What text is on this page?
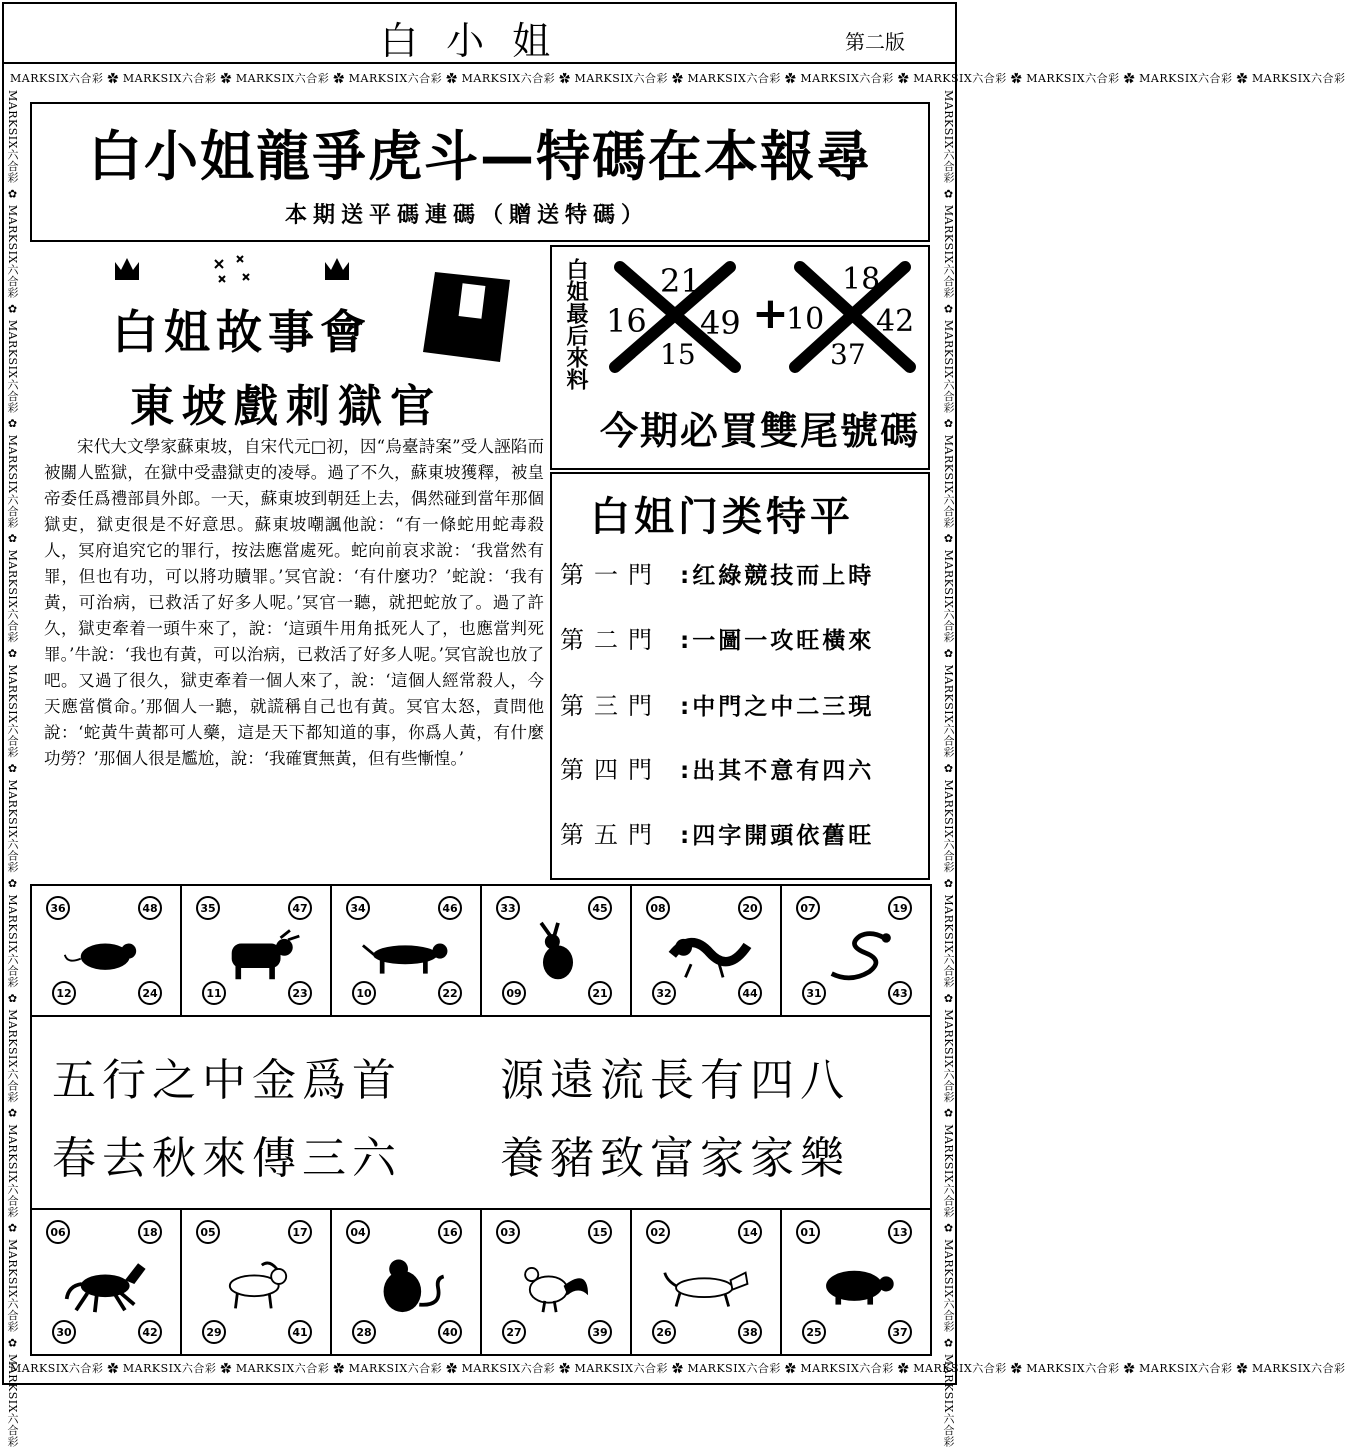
白 小 姐	第二版
MARKSIX六合彩 ✿ MARKSIX六合彩 ✿ MARKSIX六合彩 ✿ MARKSIX六合彩 ✿ MARKSIX六合彩 ✿ MARKSIX六合彩 ✿ MARKSIX六合彩 ✿ MARKSIX六合彩 ✿ MARKSIX六合彩 ✿ MARKSIX六合彩 ✿ MARKSIX六合彩 ✿ MARKSIX六合彩
MARKSIX六合彩 ✿ MARKSIX六合彩 ✿ MARKSIX六合彩 ✿ MARKSIX六合彩 ✿ MARKSIX六合彩 ✿ MARKSIX六合彩 ✿ MARKSIX六合彩 ✿ MARKSIX六合彩 ✿ MARKSIX六合彩 ✿ MARKSIX六合彩 ✿ MARKSIX六合彩 ✿ MARKSIX六合彩
MARKSIX六合彩 ✿ MARKSIX六合彩 ✿ MARKSIX六合彩 ✿ MARKSIX六合彩 ✿ MARKSIX六合彩 ✿ MARKSIX六合彩 ✿ MARKSIX六合彩 ✿ MARKSIX六合彩 ✿ MARKSIX六合彩 ✿ MARKSIX六合彩 ✿ MARKSIX六合彩 ✿ MARKSIX六合彩	MARKSIX六合彩 ✿ MARKSIX六合彩 ✿ MARKSIX六合彩 ✿ MARKSIX六合彩 ✿ MARKSIX六合彩 ✿ MARKSIX六合彩 ✿ MARKSIX六合彩 ✿ MARKSIX六合彩 ✿ MARKSIX六合彩 ✿ MARKSIX六合彩 ✿ MARKSIX六合彩 ✿ MARKSIX六合彩
白小姐龍爭虎斗—特碼在本報尋
本期送平碼連碼（贈送特碼）
白姐故事會
東坡戲刺獄官
宋代大文學家蘇東坡，自宋代元□初，因“烏臺詩案”受人誣陷而被關人監獄，在獄中受盡獄吏的凌辱。過了不久，蘇東坡獲釋，被皇帝委任爲禮部員外郎。一天，蘇東坡到朝廷上去，偶然碰到當年那個獄吏，獄吏很是不好意思。蘇東坡嘲諷他說：“有一條蛇用蛇毒殺人，冥府追究它的罪行，按法應當處死。蛇向前哀求說：‘我當然有罪，但也有功，可以將功贖罪。’冥官說：‘有什麼功？’蛇說：‘我有黃，可治病，已救活了好多人呢。’冥官一聽，就把蛇放了。過了許久，獄吏牽着一頭牛來了，說：‘這頭牛用角抵死人了，也應當判死罪。’牛說：‘我也有黃，可以治病，已救活了好多人呢。’冥官說也放了吧。又過了很久，獄吏牽着一個人來了，說：‘這個人經常殺人，今天應當償命。’那個人一聽，就謊稱自己也有黃。冥官太怒，責問他說：‘蛇黃牛黃都可人藥，這是天下都知道的事，你爲人黃，有什麼功勞？’那個人很是尷尬，說：‘我確實無黃，但有些慚惶。’
白姐最后來料 16
21
49
15
+
10
18
42
37
今期必買雙尾號碼
白姐门类特平
第一門 :红綠競技而上時
第二門 :一圖一攻旺橫來
第三門 :中門之中二三現
第四門 :出其不意有四六
第五門 :四字開頭依舊旺
36	48
12	24
35	47
11	23
34	46
10	22
33	45
09	21
08	20
32	44
07	19
31	43
06	18
30	42
05	17
29	41
04	16
28	40
03	15
27	39
02	14
26	38
01	13
25	37
五行之中金爲首 源遠流長有四八
春去秋來傳三六 養豬致富家家樂
